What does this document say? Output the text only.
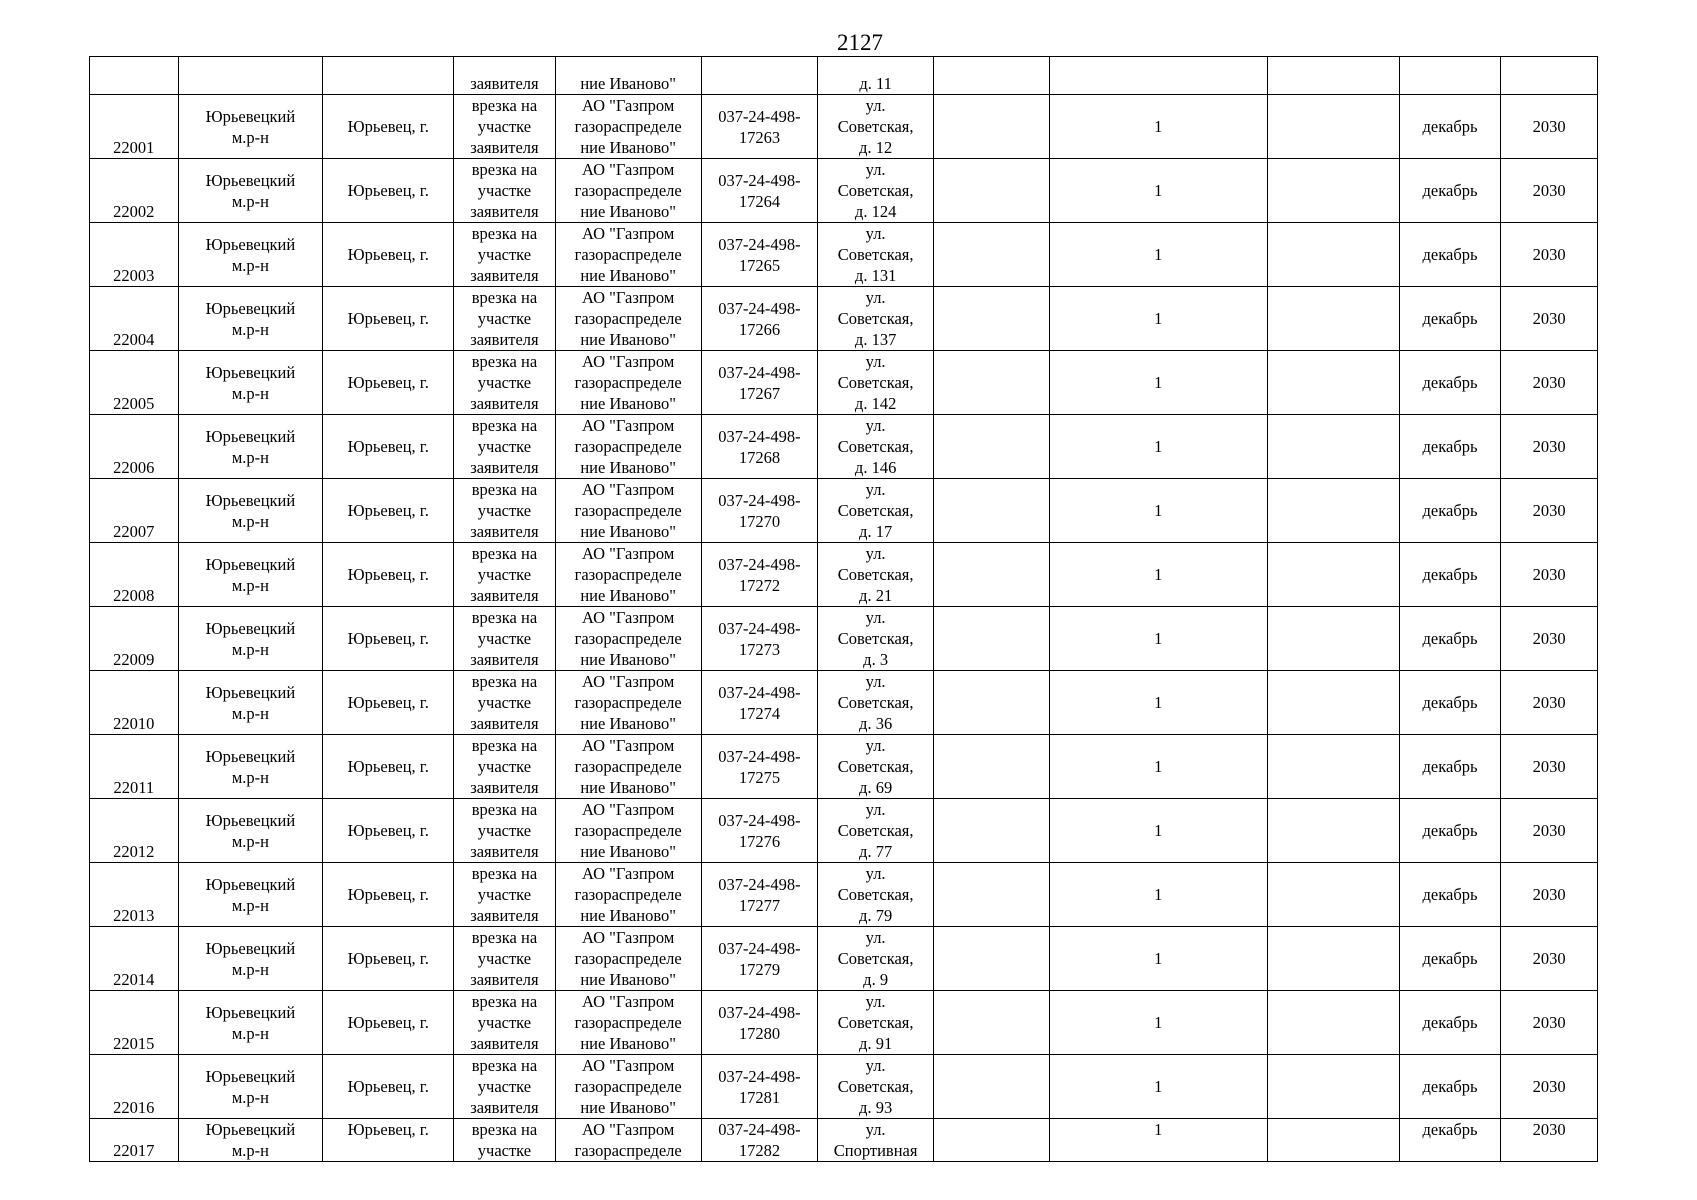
2127

			заявителя	ние Иваново"		д. 11					

22001	Юрьевецкий
м.р-н	Юрьевец, г.	врезка на
участке
заявителя	АО "Газпром
газораспределе
ние Иваново"	037-24-498-
17263	ул.
Советская,
д. 12		1		декабрь	2030
22002	Юрьевецкий
м.р-н	Юрьевец, г.	врезка на
участке
заявителя	АО "Газпром
газораспределе
ние Иваново"	037-24-498-
17264	ул.
Советская,
д. 124		1		декабрь	2030
22003	Юрьевецкий
м.р-н	Юрьевец, г.	врезка на
участке
заявителя	АО "Газпром
газораспределе
ние Иваново"	037-24-498-
17265	ул.
Советская,
д. 131		1		декабрь	2030
22004	Юрьевецкий
м.р-н	Юрьевец, г.	врезка на
участке
заявителя	АО "Газпром
газораспределе
ние Иваново"	037-24-498-
17266	ул.
Советская,
д. 137		1		декабрь	2030
22005	Юрьевецкий
м.р-н	Юрьевец, г.	врезка на
участке
заявителя	АО "Газпром
газораспределе
ние Иваново"	037-24-498-
17267	ул.
Советская,
д. 142		1		декабрь	2030
22006	Юрьевецкий
м.р-н	Юрьевец, г.	врезка на
участке
заявителя	АО "Газпром
газораспределе
ние Иваново"	037-24-498-
17268	ул.
Советская,
д. 146		1		декабрь	2030
22007	Юрьевецкий
м.р-н	Юрьевец, г.	врезка на
участке
заявителя	АО "Газпром
газораспределе
ние Иваново"	037-24-498-
17270	ул.
Советская,
д. 17		1		декабрь	2030
22008	Юрьевецкий
м.р-н	Юрьевец, г.	врезка на
участке
заявителя	АО "Газпром
газораспределе
ние Иваново"	037-24-498-
17272	ул.
Советская,
д. 21		1		декабрь	2030
22009	Юрьевецкий
м.р-н	Юрьевец, г.	врезка на
участке
заявителя	АО "Газпром
газораспределе
ние Иваново"	037-24-498-
17273	ул.
Советская,
д. 3		1		декабрь	2030
22010	Юрьевецкий
м.р-н	Юрьевец, г.	врезка на
участке
заявителя	АО "Газпром
газораспределе
ние Иваново"	037-24-498-
17274	ул.
Советская,
д. 36		1		декабрь	2030
22011	Юрьевецкий
м.р-н	Юрьевец, г.	врезка на
участке
заявителя	АО "Газпром
газораспределе
ние Иваново"	037-24-498-
17275	ул.
Советская,
д. 69		1		декабрь	2030
22012	Юрьевецкий
м.р-н	Юрьевец, г.	врезка на
участке
заявителя	АО "Газпром
газораспределе
ние Иваново"	037-24-498-
17276	ул.
Советская,
д. 77		1		декабрь	2030
22013	Юрьевецкий
м.р-н	Юрьевец, г.	врезка на
участке
заявителя	АО "Газпром
газораспределе
ние Иваново"	037-24-498-
17277	ул.
Советская,
д. 79		1		декабрь	2030
22014	Юрьевецкий
м.р-н	Юрьевец, г.	врезка на
участке
заявителя	АО "Газпром
газораспределе
ние Иваново"	037-24-498-
17279	ул.
Советская,
д. 9		1		декабрь	2030
22015	Юрьевецкий
м.р-н	Юрьевец, г.	врезка на
участке
заявителя	АО "Газпром
газораспределе
ние Иваново"	037-24-498-
17280	ул.
Советская,
д. 91		1		декабрь	2030
22016	Юрьевецкий
м.р-н	Юрьевец, г.	врезка на
участке
заявителя	АО "Газпром
газораспределе
ние Иваново"	037-24-498-
17281	ул.
Советская,
д. 93		1		декабрь	2030
22017	Юрьевецкий
м.р-н	Юрьевец, г.	врезка на
участке	АО "Газпром
газораспределе	037-24-498-
17282	ул.
Спортивная		1		декабрь	2030
